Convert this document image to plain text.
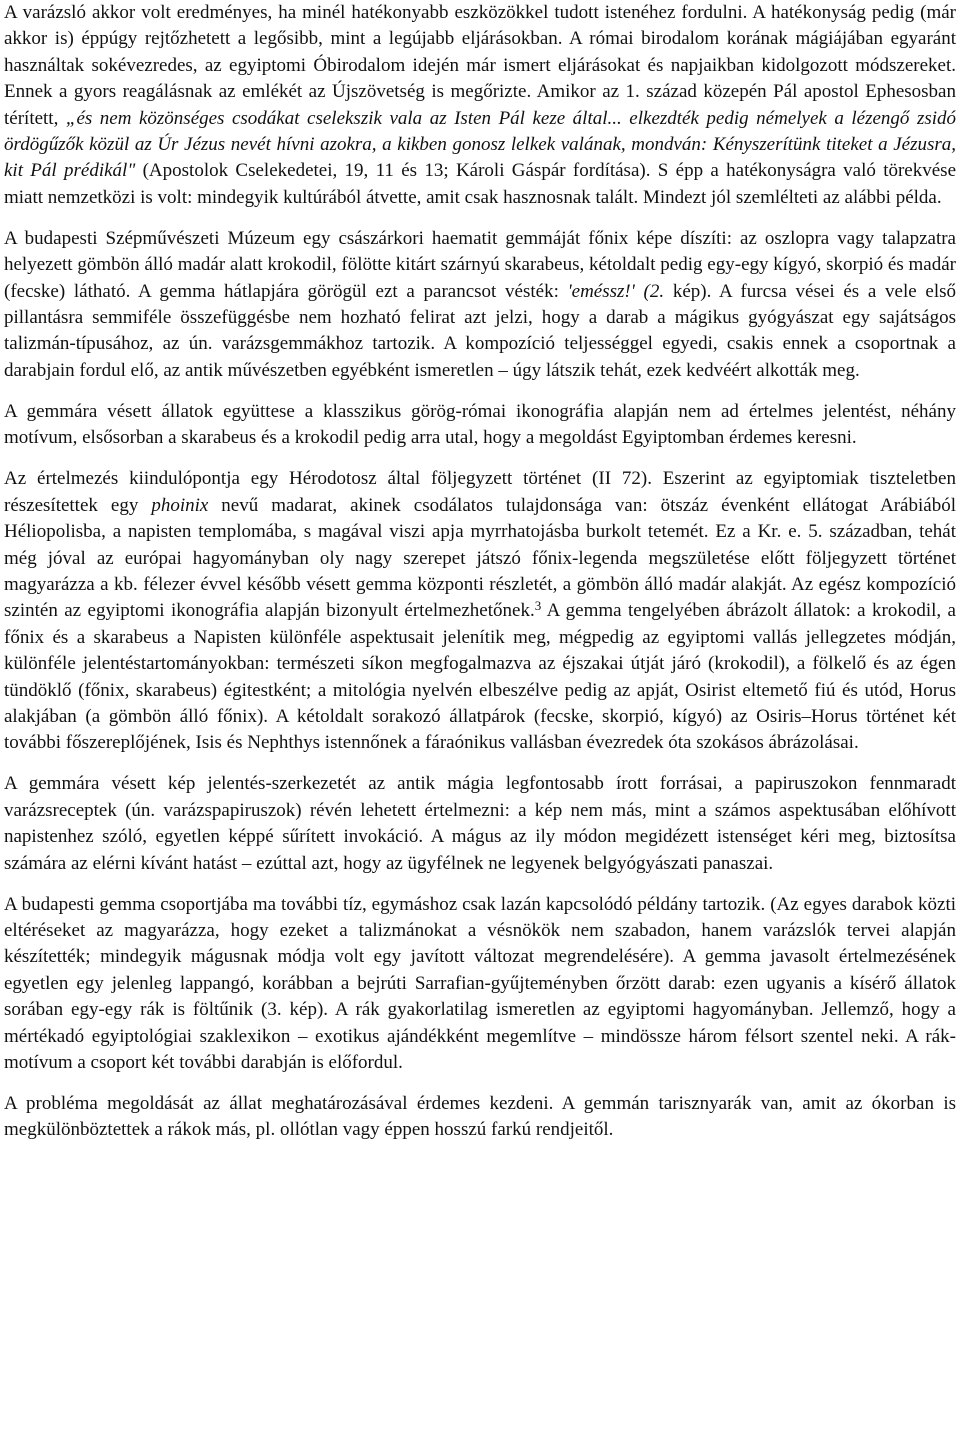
A varázsló akkor volt eredményes, ha minél hatékonyabb eszközökkel tudott istenéhez fordulni. A hatékonyság pedig (már akkor is) éppúgy rejtőzhetett a legősibb, mint a legújabb eljárásokban. A római birodalom korának mágiájában egyaránt használtak sokévezredes, az egyiptomi Óbirodalom idején már ismert eljárásokat és napjaikban kidolgozott módszereket. Ennek a gyors reagálásnak az emlékét az Újszövetség is megőrizte. Amikor az 1. század közepén Pál apostol Ephesosban térített, „és nem közönséges csodákat cselekszik vala az Isten Pál keze által... elkezdték pedig némelyek a lézengő zsidó ördögűzők közül az Úr Jézus nevét hívni azokra, a kikben gonosz lelkek valának, mondván: Kényszerítünk titeket a Jézusra, kit Pál prédikál" (Apostolok Cselekedetei, 19, 11 és 13; Károli Gáspár fordítása). S épp a hatékonyságra való törekvése miatt nemzetközi is volt: mindegyik kultúrából átvette, amit csak hasznosnak talált. Mindezt jól szemlélteti az alábbi példa.

A budapesti Szépművészeti Múzeum egy császárkori haematit gemmáját főnix képe díszíti: az oszlopra vagy talapzatra helyezett gömbön álló madár alatt krokodil, fölötte kitárt szárnyú skarabeus, kétoldalt pedig egy-egy kígyó, skorpió és madár (fecske) látható. A gemma hátlapjára görögül ezt a parancsot vésték: 'eméssz!' (2. kép). A furcsa vései és a vele első pillantásra semmiféle összefüggésbe nem hozható felirat azt jelzi, hogy a darab a mágikus gyógyászat egy sajátságos talizmán-típusához, az ún. varázsgemmákhoz tartozik. A kompozíció teljességgel egyedi, csakis ennek a csoportnak a darabjain fordul elő, az antik művészetben egyébként ismeretlen – úgy látszik tehát, ezek kedvéért alkották meg.

A gemmára vésett állatok együttese a klasszikus görög-római ikonográfia alapján nem ad értelmes jelentést, néhány motívum, elsősorban a skarabeus és a krokodil pedig arra utal, hogy a megoldást Egyiptomban érdemes keresni.

Az értelmezés kiindulópontja egy Hérodotosz által följegyzett történet (II 72). Eszerint az egyiptomiak tiszteletben részesítettek egy phoinix nevű madarat, akinek csodálatos tulajdonsága van: ötszáz évenként ellátogat Arábiából Héliopolisba, a napisten templomába, s magával viszi apja myrrhatojásba burkolt tetemét. Ez a Kr. e. 5. században, tehát még jóval az európai hagyományban oly nagy szerepet játszó főnix-legenda megszületése előtt följegyzett történet magyarázza a kb. félezer évvel később vésett gemma központi részletét, a gömbön álló madár alakját. Az egész kompozíció szintén az egyiptomi ikonográfia alapján bizonyult értelmezhetőnek.$^3$ A gemma tengelyében ábrázolt állatok: a krokodil, a főnix és a skarabeus a Napisten különféle aspektusait jelenítik meg, mégpedig az egyiptomi vallás jellegzetes módján, különféle jelentéstartományokban: természeti síkon megfogalmazva az éjszakai útját járó (krokodil), a fölkelő és az égen tündöklő (főnix, skarabeus) égitestként; a mitológia nyelvén elbeszélve pedig az apját, Osirist eltemető fiú és utód, Horus alakjában (a gömbön álló főnix). A kétoldalt sorakozó állatpárok (fecske, skorpió, kígyó) az Osiris–Horus történet két további főszereplőjének, Isis és Nephthys istennőnek a fáraónikus vallásban évezredek óta szokásos ábrázolásai.

A gemmára vésett kép jelentés-szerkezetét az antik mágia legfontosabb írott forrásai, a papiruszokon fennmaradt varázsreceptek (ún. varázspapiruszok) révén lehetett értelmezni: a kép nem más, mint a számos aspektusában előhívott napistenhez szóló, egyetlen képpé sűrített invokáció. A mágus az ily módon megidézett istenséget kéri meg, biztosítsa számára az elérni kívánt hatást – ezúttal azt, hogy az ügyfélnek ne legyenek belgyógyászati panaszai.

A budapesti gemma csoportjába ma további tíz, egymáshoz csak lazán kapcsolódó példány tartozik. (Az egyes darabok közti eltéréseket az magyarázza, hogy ezeket a talizmánokat a vésnökök nem szabadon, hanem varázslók tervei alapján készítették; mindegyik mágusnak módja volt egy javított változat megrendelésére). A gemma javasolt értelmezésének egyetlen egy jelenleg lappangó, korábban a bejrúti Sarrafian-gyűjteményben őrzött darab: ezen ugyanis a kísérő állatok sorában egy-egy rák is föltűnik (3. kép). A rák gyakorlatilag ismeretlen az egyiptomi hagyományban. Jellemző, hogy a mértékadó egyiptológiai szaklexikon – exotikus ajándékként megemlítve – mindössze három félsort szentel neki. A rák-motívum a csoport két további darabján is előfordul.

A probléma megoldását az állat meghatározásával érdemes kezdeni. A gemmán tarisznyarák van, amit az ókorban is megkülönböztettek a rákok más, pl. ollótlan vagy éppen hosszú farkú rendjeitől.
